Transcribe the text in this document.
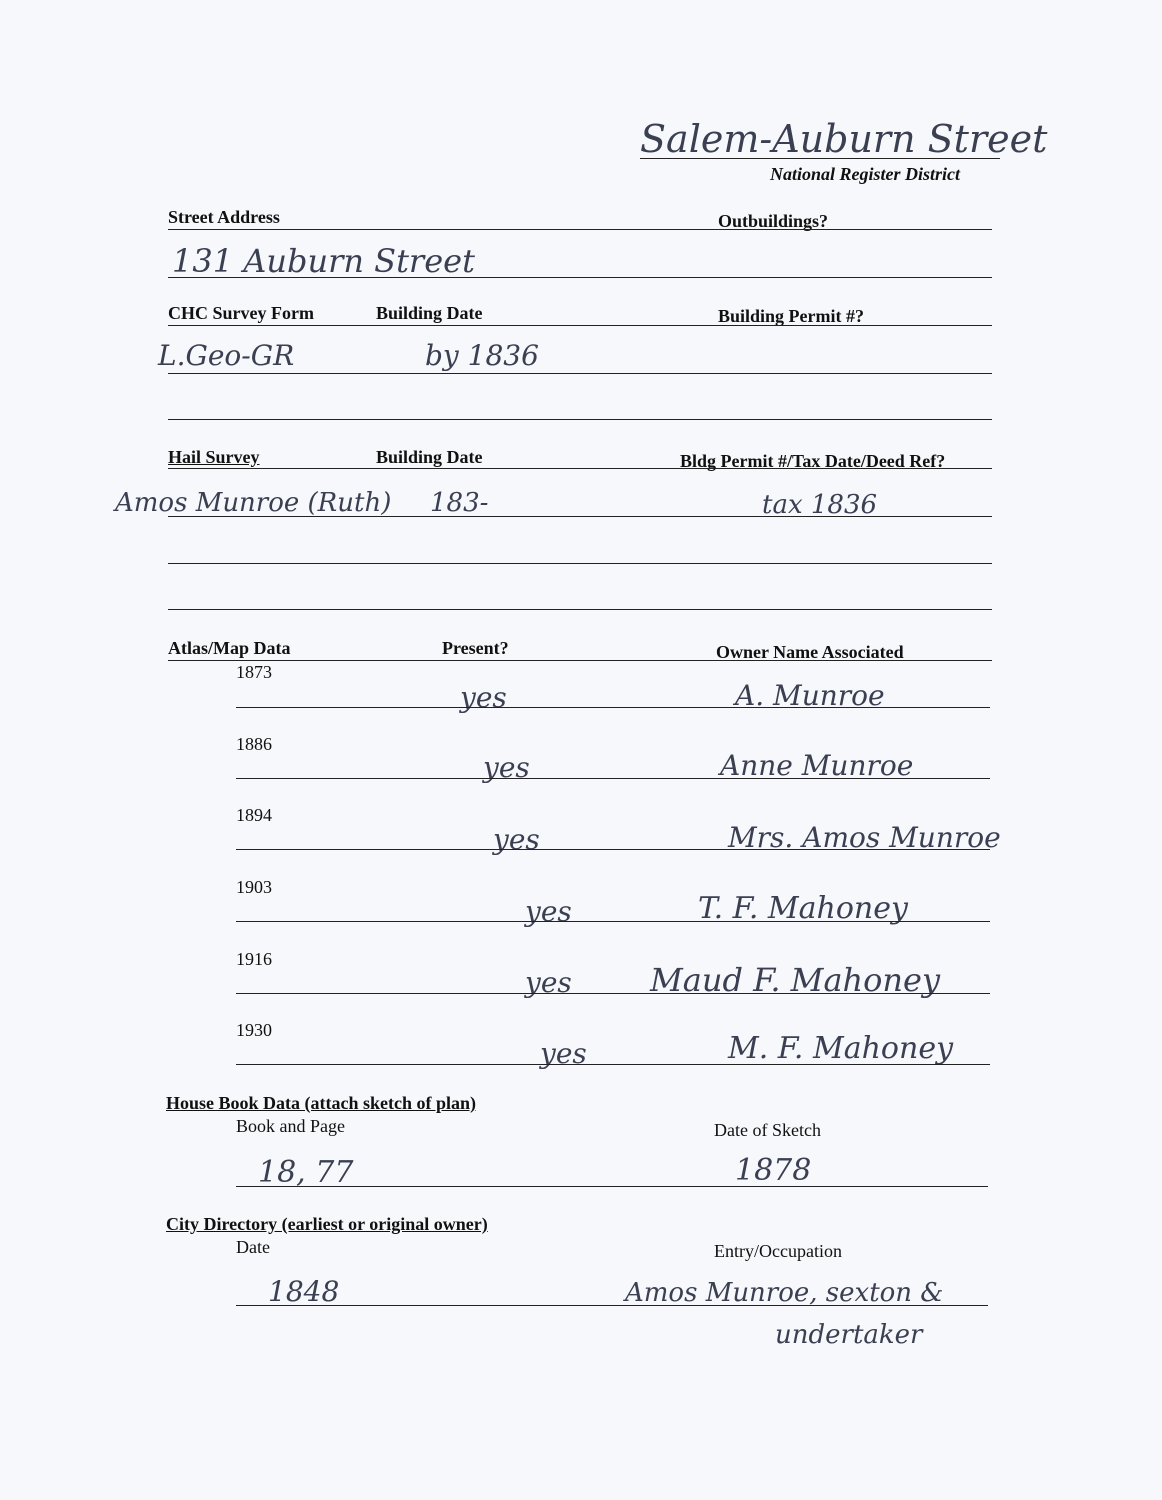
Salem-Auburn Street
National Register District
Street Address	Outbuildings?
131 Auburn Street
CHC Survey Form	Building Date	Building Permit #?
L.Geo-GR	by 1836
Hail Survey	Building Date	Bldg Permit #/Tax Date/Deed Ref?
Amos Munroe (Ruth) 183-	tax 1836
Atlas/Map Data	Present?	Owner Name Associated
1873
yes	A. Munroe
1886
yes	Anne Munroe
1894
yes	Mrs. Amos Munroe
1903
yes	T. F. Mahoney
1916
yes Maud F. Mahoney
1930
yes	M. F. Mahoney
House Book Data (attach sketch of plan)
Book and Page	Date of Sketch
18, 77	1878
City Directory (earliest or original owner)
Date	Entry/Occupation
1848	Amos Munroe, sexton &
undertaker
